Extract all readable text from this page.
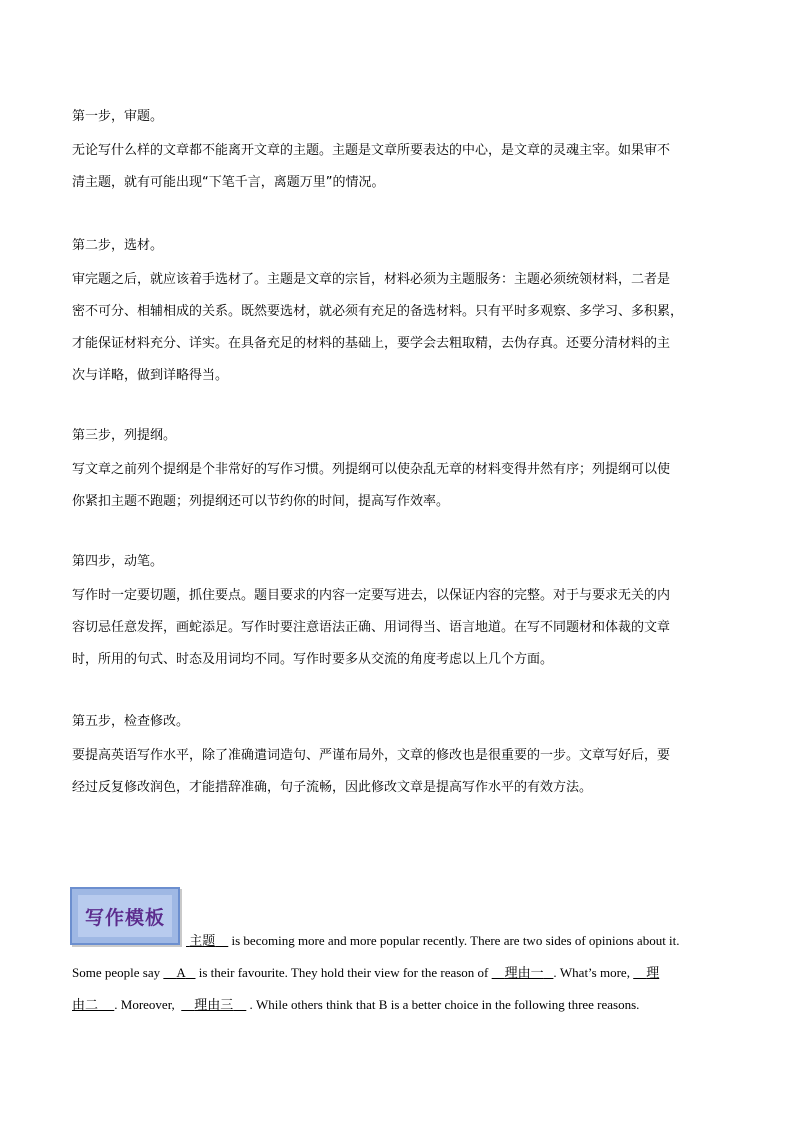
第一步，审题。

无论写什么样的文章都不能离开文章的主题。主题是文章所要表达的中心，是文章的灵魂主宰。如果审不

清主题，就有可能出现“下笔千言，离题万里”的情况。

第二步，选材。

审完题之后，就应该着手选材了。主题是文章的宗旨，材料必须为主题服务：主题必须统领材料，二者是

密不可分、相辅相成的关系。既然要选材，就必须有充足的备选材料。只有平时多观察、多学习、多积累，

才能保证材料充分、详实。在具备充足的材料的基础上，要学会去粗取精，去伪存真。还要分清材料的主

次与详略，做到详略得当。

第三步，列提纲。

写文章之前列个提纲是个非常好的写作习惯。列提纲可以使杂乱无章的材料变得井然有序；列提纲可以使

你紧扣主题不跑题；列提纲还可以节约你的时间，提高写作效率。

第四步，动笔。

写作时一定要切题，抓住要点。题目要求的内容一定要写进去，以保证内容的完整。对于与要求无关的内

容切忌任意发挥，画蛇添足。写作时要注意语法正确、用词得当、语言地道。在写不同题材和体裁的文章

时，所用的句式、时态及用词均不同。写作时要多从交流的角度考虑以上几个方面。

第五步，检查修改。

要提高英语写作水平，除了准确遣词造句、严谨布局外，文章的修改也是很重要的一步。文章写好后，要

经过反复修改润色，才能措辞准确，句子流畅，因此修改文章是提高写作水平的有效方法。

写作模板
主题 is becoming more and more popular recently. There are two sides of opinions about it.
Some people say A is their favourite. They hold their view for the reason of 理由一 . What’s more, 理
由二 . Moreover, 理由三 . While others think that B is a better choice in the following three reasons.
